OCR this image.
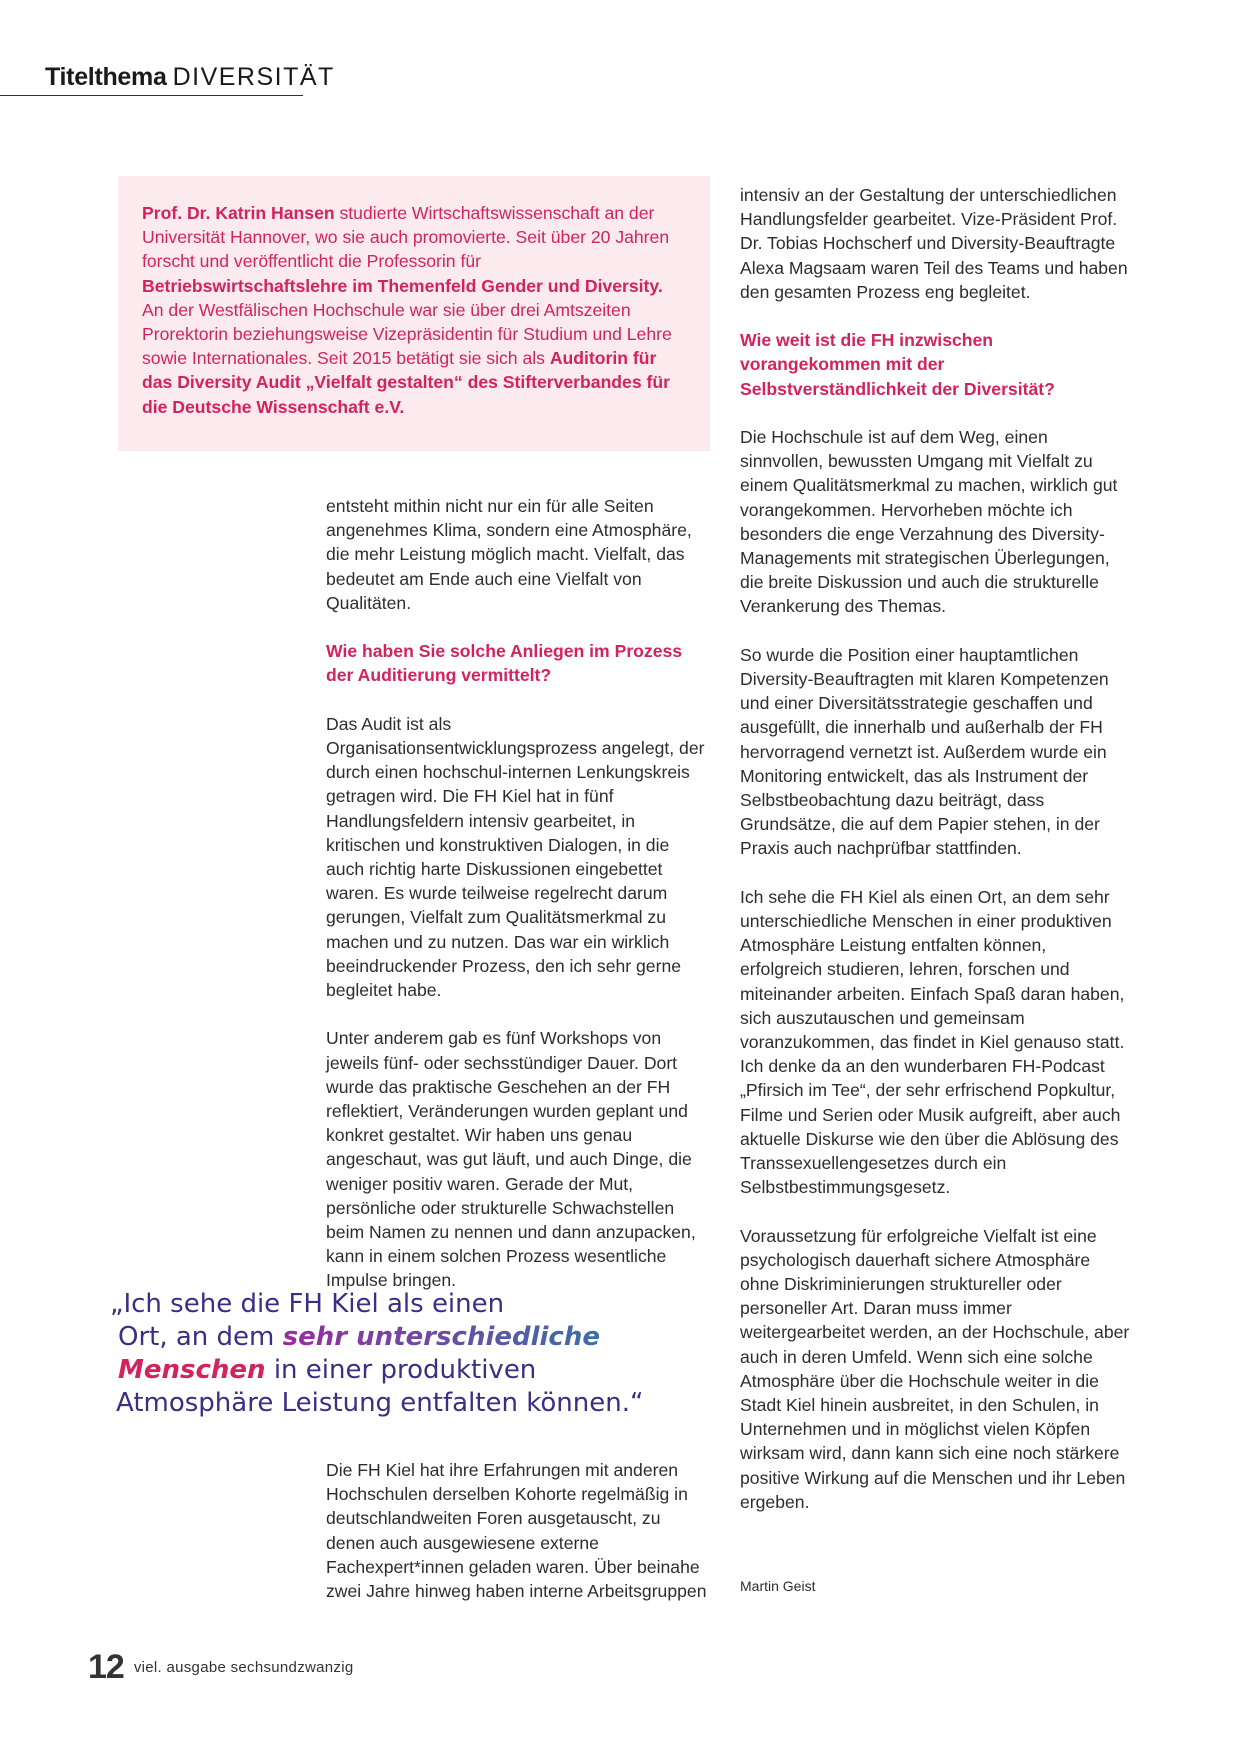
Titelthema DIVERSITÄT

Prof. Dr. Katrin Hansen studierte Wirtschaftswissenschaft an der Universität Hannover, wo sie auch promovierte. Seit über 20 Jahren forscht und veröffentlicht die Professorin für Betriebswirtschaftslehre im Themenfeld Gender und Diversity. An der Westfälischen Hochschule war sie über drei Amtszeiten Prorektorin beziehungsweise Vizepräsidentin für Studium und Lehre sowie Internationales. Seit 2015 betätigt sie sich als Auditorin für das Diversity Audit „Vielfalt gestalten“ des Stifterverbandes für die Deutsche Wissenschaft e.V.

entsteht mithin nicht nur ein für alle Seiten angenehmes Klima, sondern eine Atmosphäre, die mehr Leistung möglich macht. Vielfalt, das bedeutet am Ende auch eine Vielfalt von Qualitäten.

Wie haben Sie solche Anliegen im Prozess der Auditierung vermittelt?

Das Audit ist als Organisationsentwicklungsprozess angelegt, der durch einen hochschul-internen Lenkungskreis getragen wird. Die FH Kiel hat in fünf Handlungsfeldern intensiv gearbeitet, in kritischen und konstruktiven Dialogen, in die auch richtig harte Diskussionen eingebettet waren. Es wurde teilweise regelrecht darum gerungen, Vielfalt zum Qualitätsmerkmal zu machen und zu nutzen. Das war ein wirklich beeindruckender Prozess, den ich sehr gerne begleitet habe.

Unter anderem gab es fünf Workshops von jeweils fünf- oder sechsstündiger Dauer. Dort wurde das praktische Geschehen an der FH reflektiert, Veränderungen wurden geplant und konkret gestaltet. Wir haben uns genau angeschaut, was gut läuft, und auch Dinge, die weniger positiv waren. Gerade der Mut, persönliche oder strukturelle Schwachstellen beim Namen zu nennen und dann anzupacken, kann in einem solchen Prozess wesentliche Impulse bringen.

„Ich sehe die FH Kiel als einen
Ort, an dem sehr unterschiedliche
Menschen in einer produktiven
Atmosphäre Leistung entfalten können.“

Die FH Kiel hat ihre Erfahrungen mit anderen Hochschulen derselben Kohorte regelmäßig in deutschlandweiten Foren ausgetauscht, zu denen auch ausgewiesene externe Fachexpert*innen geladen waren. Über beinahe zwei Jahre hinweg haben interne Arbeitsgruppen

intensiv an der Gestaltung der unterschiedlichen Handlungsfelder gearbeitet. Vize-Präsident Prof. Dr. Tobias Hochscherf und Diversity-Beauftragte Alexa Magsaam waren Teil des Teams und haben den gesamten Prozess eng begleitet.

Wie weit ist die FH inzwischen vorangekommen mit der Selbstverständlichkeit der Diversität?

Die Hochschule ist auf dem Weg, einen sinnvollen, bewussten Umgang mit Vielfalt zu einem Qualitätsmerkmal zu machen, wirklich gut vorangekommen. Hervorheben möchte ich besonders die enge Verzahnung des Diversity-Managements mit strategischen Überlegungen, die breite Diskussion und auch die strukturelle Verankerung des Themas.

So wurde die Position einer hauptamtlichen Diversity-Beauftragten mit klaren Kompetenzen und einer Diversitätsstrategie geschaffen und ausgefüllt, die innerhalb und außerhalb der FH hervorragend vernetzt ist. Außerdem wurde ein Monitoring entwickelt, das als Instrument der Selbstbeobachtung dazu beiträgt, dass Grundsätze, die auf dem Papier stehen, in der Praxis auch nachprüfbar stattfinden.

Ich sehe die FH Kiel als einen Ort, an dem sehr unterschiedliche Menschen in einer produktiven Atmosphäre Leistung entfalten können, erfolgreich studieren, lehren, forschen und miteinander arbeiten. Einfach Spaß daran haben, sich auszutauschen und gemeinsam voranzukommen, das findet in Kiel genauso statt. Ich denke da an den wunderbaren FH-Podcast „Pfirsich im Tee“, der sehr erfrischend Popkultur, Filme und Serien oder Musik aufgreift, aber auch aktuelle Diskurse wie den über die Ablösung des Transsexuellengesetzes durch ein Selbstbestimmungsgesetz.

Voraussetzung für erfolgreiche Vielfalt ist eine psychologisch dauerhaft sichere Atmosphäre ohne Diskriminierungen struktureller oder personeller Art. Daran muss immer weitergearbeitet werden, an der Hochschule, aber auch in deren Umfeld. Wenn sich eine solche Atmosphäre über die Hochschule weiter in die Stadt Kiel hinein ausbreitet, in den Schulen, in Unternehmen und in möglichst vielen Köpfen wirksam wird, dann kann sich eine noch stärkere positive Wirkung auf die Menschen und ihr Leben ergeben.

Martin Geist
12 viel. ausgabe sechsundzwanzig
